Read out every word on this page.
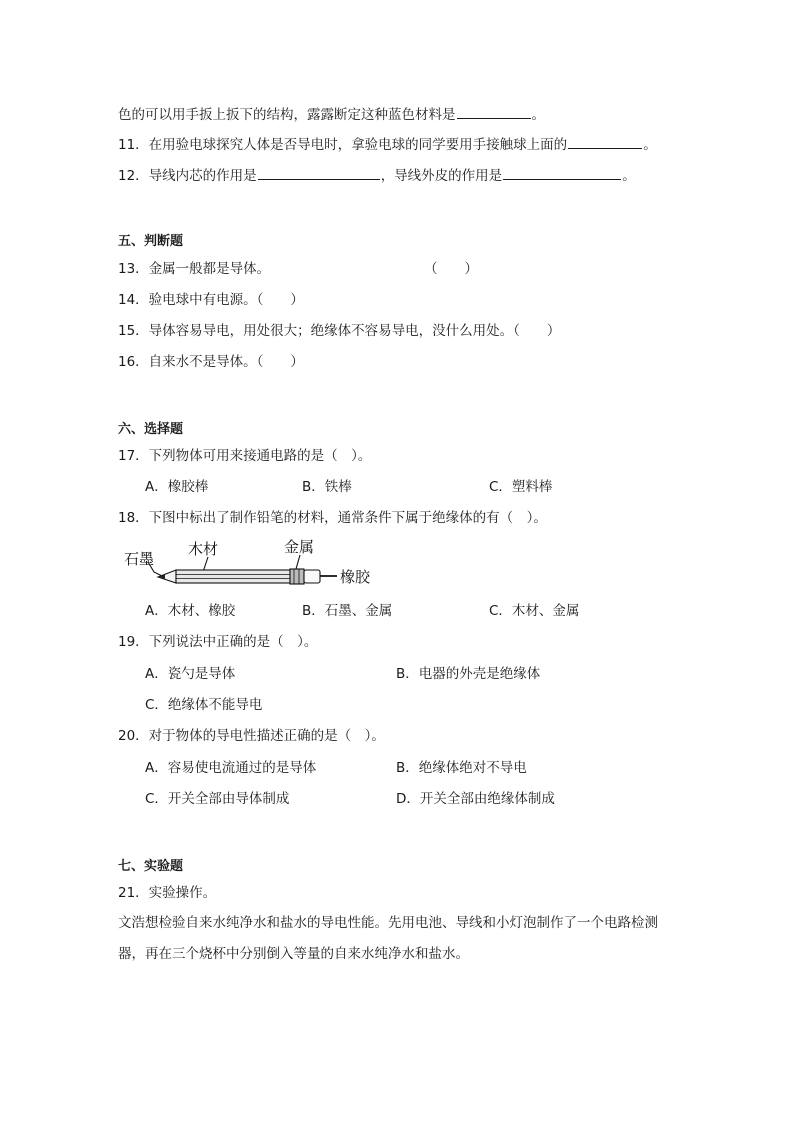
色的可以用手扳上扳下的结构，露露断定这种蓝色材料是	。
11．在用验电球探究人体是否导电时，拿验电球的同学要用手接触球上面的	。
12．导线内芯的作用是	，导线外皮的作用是	。
五、判断题
13．金属一般都是导体。	（　　）
14．验电球中有电源。（　　）
15．导体容易导电，用处很大；绝缘体不容易导电，没什么用处。（　　）
16．自来水不是导体。（　　）
六、选择题
17．下列物体可用来接通电路的是（　）。
A．橡胶棒	B．铁棒	C．塑料棒
18．下图中标出了制作铅笔的材料，通常条件下属于绝缘体的有（　）。
石墨
木材	金属
橡胶
A．木材、橡胶	B．石墨、金属	C．木材、金属
19．下列说法中正确的是（　）。
A．瓷勺是导体	B．电器的外壳是绝缘体
C．绝缘体不能导电
20．对于物体的导电性描述正确的是（　）。
A．容易使电流通过的是导体	B．绝缘体绝对不导电
C．开关全部由导体制成	D．开关全部由绝缘体制成
七、实验题
21．实验操作。
文浩想检验自来水纯净水和盐水的导电性能。先用电池、导线和小灯泡制作了一个电路检测
器，再在三个烧杯中分别倒入等量的自来水纯净水和盐水。
